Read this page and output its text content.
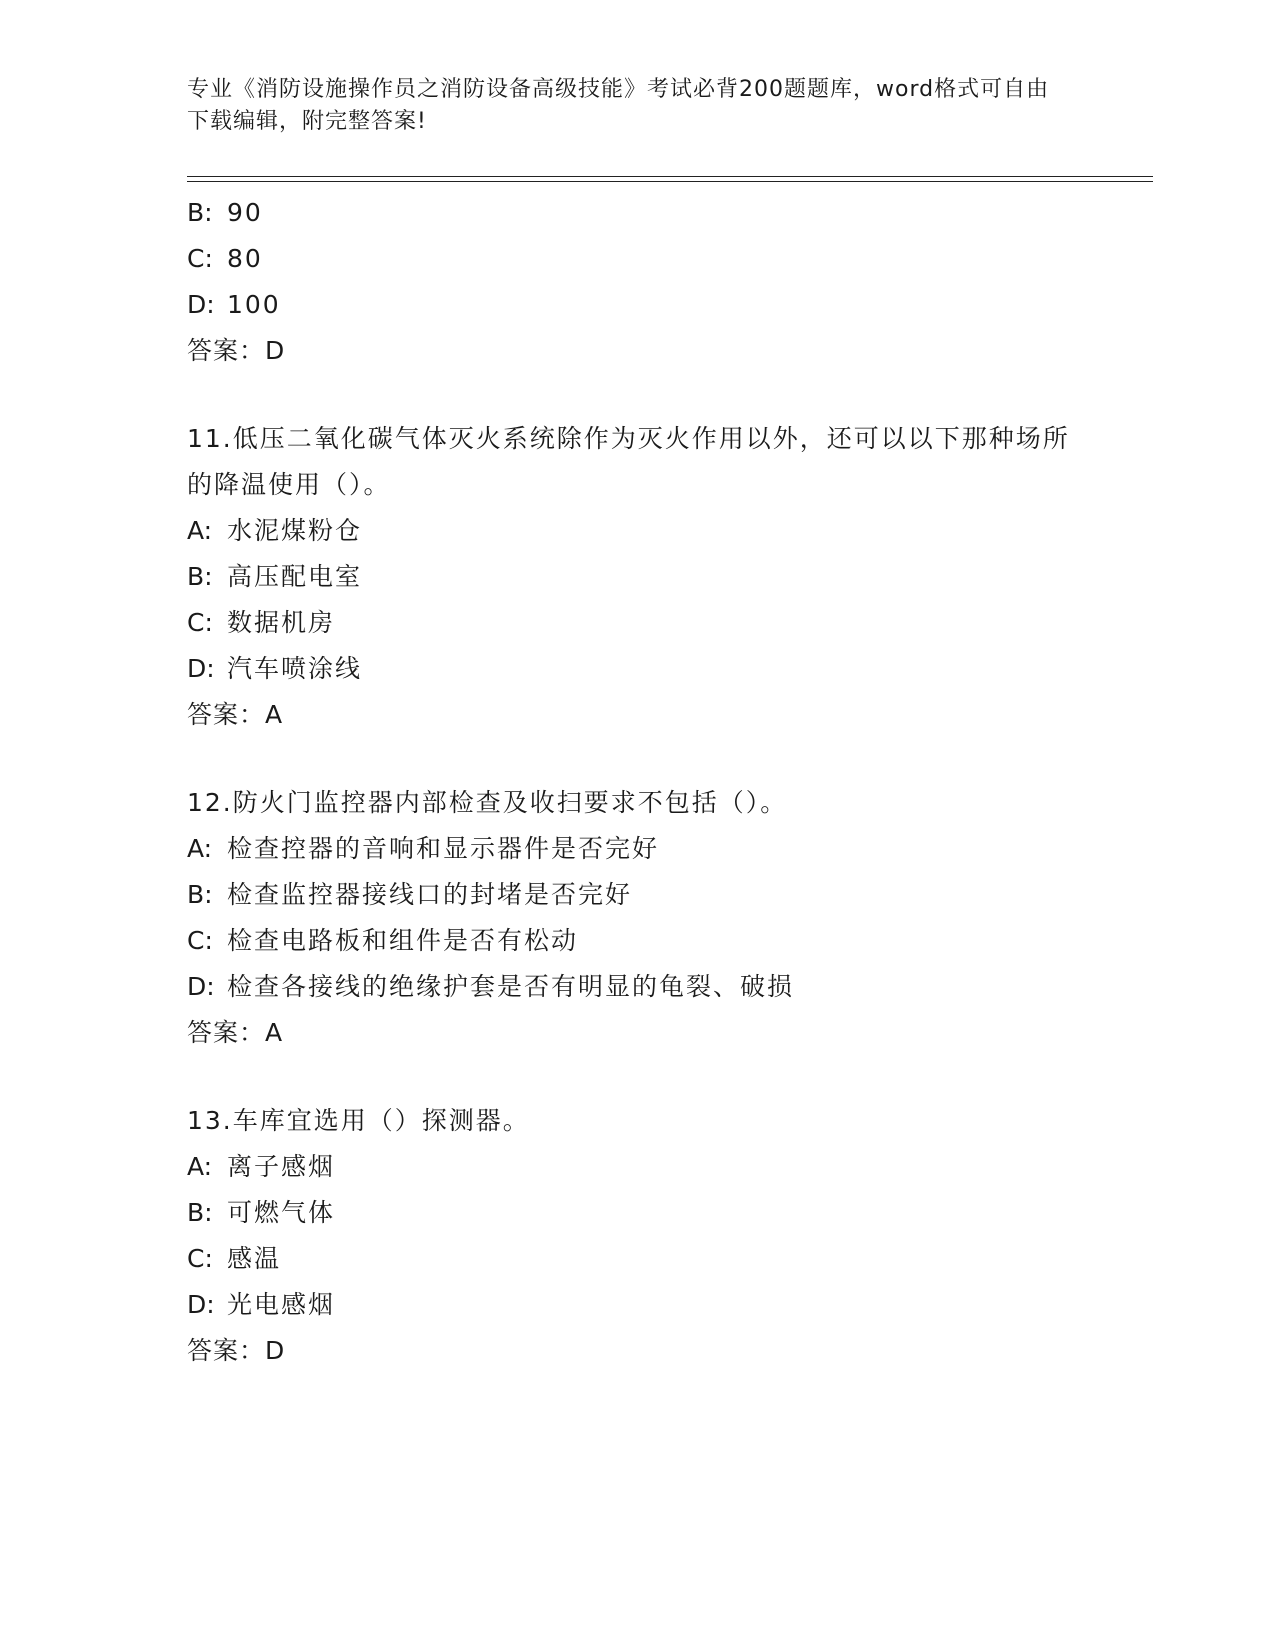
专业《消防设施操作员之消防设备高级技能》考试必背200题题库，word格式可自由下载编辑，附完整答案!
B: 90
C: 80
D: 100
答案：D
11.低压二氧化碳气体灭火系统除作为灭火作用以外，还可以以下那种场所的降温使用（）。
A: 水泥煤粉仓
B: 高压配电室
C: 数据机房
D: 汽车喷涂线
答案：A
12.防火门监控器内部检查及收扫要求不包括（）。
A: 检查控器的音响和显示器件是否完好
B: 检查监控器接线口的封堵是否完好
C: 检查电路板和组件是否有松动
D: 检查各接线的绝缘护套是否有明显的龟裂、破损
答案：A
13.车库宜选用（）探测器。
A: 离子感烟
B: 可燃气体
C: 感温
D: 光电感烟
答案：D
